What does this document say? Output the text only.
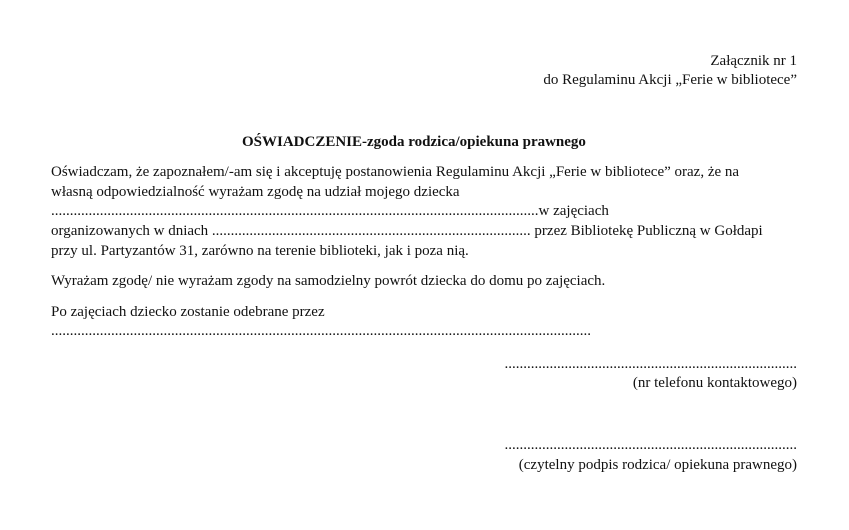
Załącznik nr 1
do Regulaminu Akcji „Ferie w bibliotece”
OŚWIADCZENIE-zgoda rodzica/opiekuna prawnego
Oświadczam, że zapoznałem/-am się i akceptuję postanowienia Regulaminu Akcji „Ferie w bibliotece” oraz, że na
własną odpowiedzialność wyrażam zgodę na udział mojego dziecka
..................................................................................................................................w zajęciach
organizowanych w dniach ..................................................................................... przez Bibliotekę Publiczną w Gołdapi
przy ul. Partyzantów 31, zarówno na terenie biblioteki, jak i poza nią.
Wyrażam zgodę/ nie wyrażam zgody na samodzielny powrót dziecka do domu po zajęciach.
Po zajęciach dziecko zostanie odebrane przez
................................................................................................................................................
..............................................................................
(nr telefonu kontaktowego)
..............................................................................
(czytelny podpis rodzica/ opiekuna prawnego)
